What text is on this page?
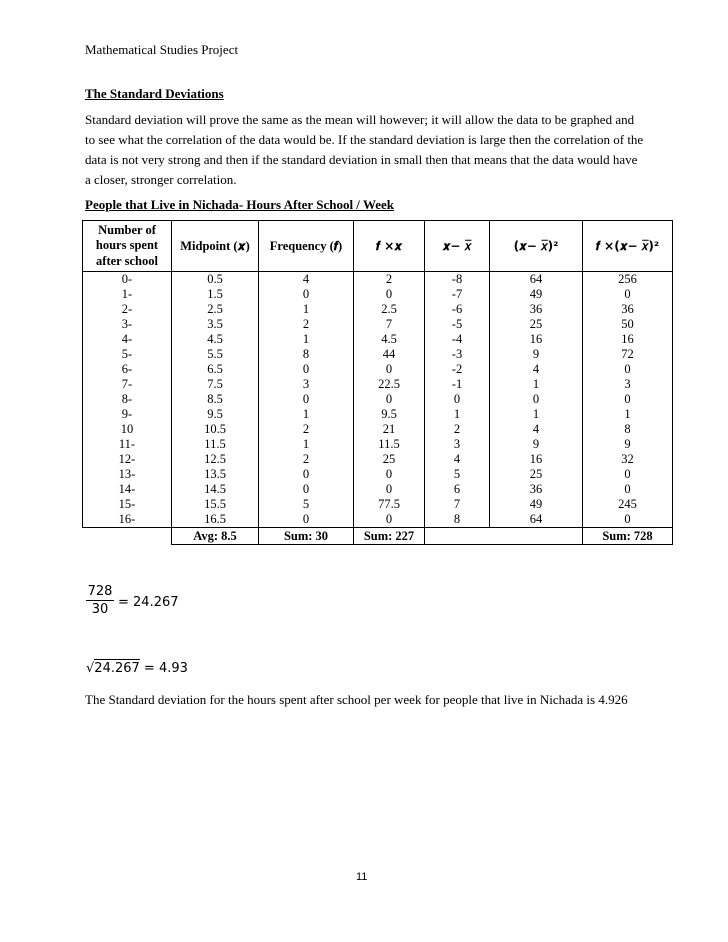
Mathematical Studies Project
The Standard Deviations
Standard deviation will prove the same as the mean will however; it will allow the data to be graphed and to see what the correlation of the data would be. If the standard deviation is large then the correlation of the data is not very strong and then if the standard deviation in small then that means that the data would have a closer, stronger correlation.
People that Live in Nichada- Hours After School / Week
Number of hours spent after school	Midpoint (𝒙)	Frequency (𝒇)	𝒇 ×𝒙	𝒙− 𝑥̅	(𝒙− 𝑥̅)²	𝒇 ×(𝒙− 𝑥̅)²
0-	0.5	4	2	-8	64	256
1-	1.5	0	0	-7	49	0
2-	2.5	1	2.5	-6	36	36
3-	3.5	2	7	-5	25	50
4-	4.5	1	4.5	-4	16	16
5-	5.5	8	44	-3	9	72
6-	6.5	0	0	-2	4	0
7-	7.5	3	22.5	-1	1	3
8-	8.5	0	0	0	0	0
9-	9.5	1	9.5	1	1	1
10	10.5	2	21	2	4	8
11-	11.5	1	11.5	3	9	9
12-	12.5	2	25	4	16	32
13-	13.5	0	0	5	25	0
14-	14.5	0	0	6	36	0
15-	15.5	5	77.5	7	49	245
16-	16.5	0	0	8	64	0
	Avg: 8.5	Sum: 30	Sum: 227			Sum: 728
728
30 = 24.267
√24.267 = 4.93
The Standard deviation for the hours spent after school per week for people that live in Nichada is 4.926
11
